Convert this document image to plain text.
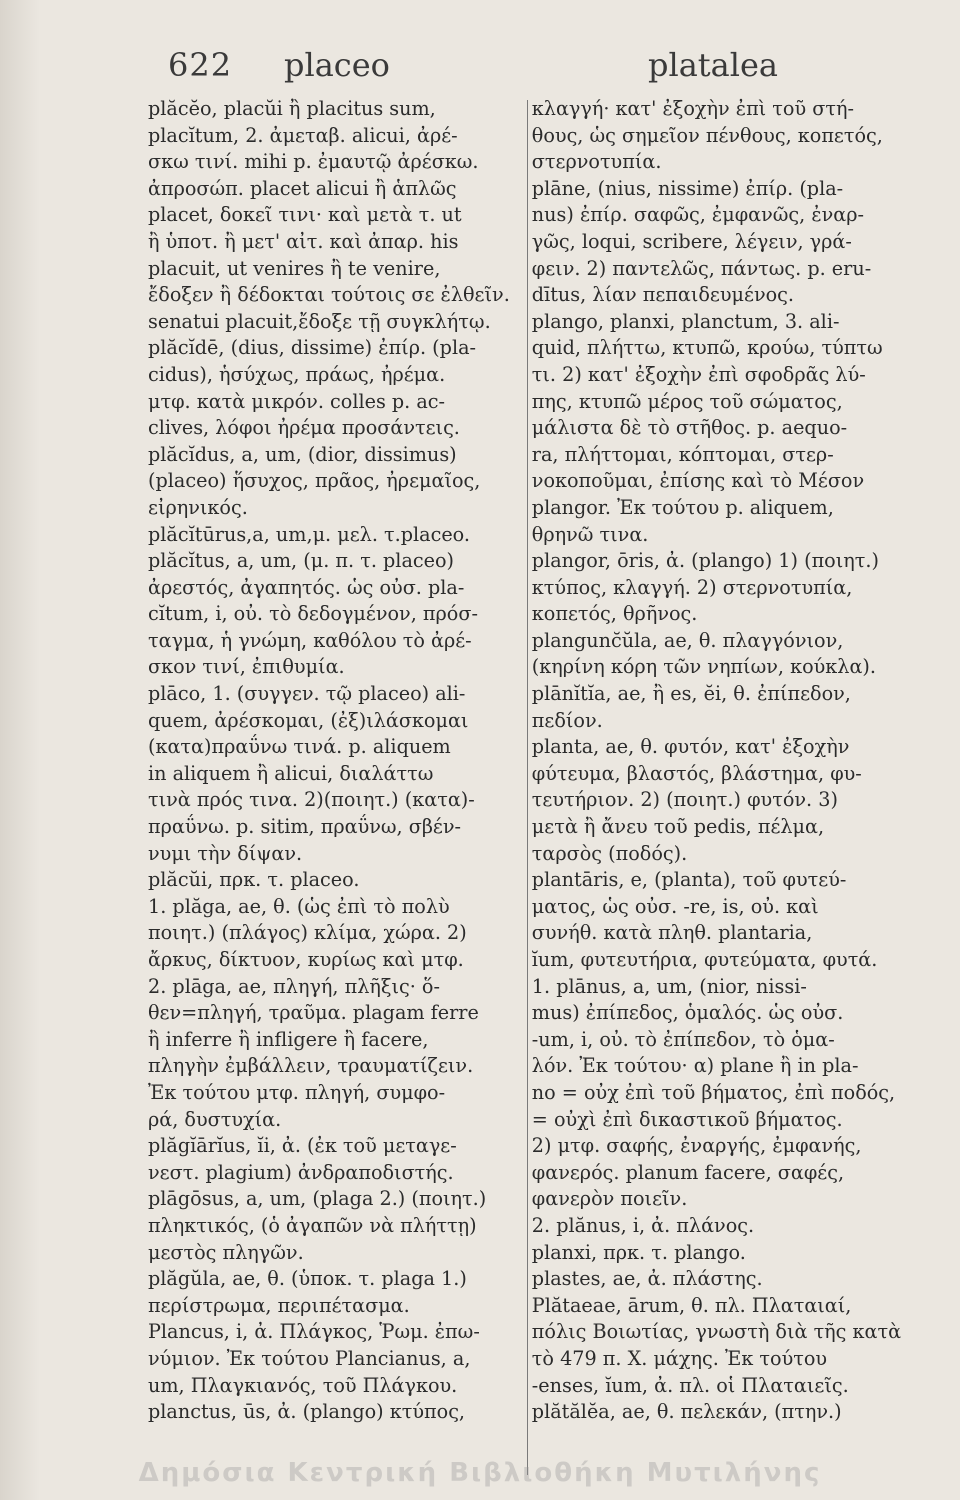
622 placeo	platalea
plăcĕo, placŭi ἢ placitus sum,
placĭtum, 2. ἀμεταβ. alicui, ἀρέ-
σκω τινί. mihi p. ἐμαυτῷ ἀρέσκω.
ἀπροσώπ. placet alicui ἢ ἁπλῶς
placet, δοκεῖ τινι· καὶ μετὰ τ. ut
ἢ ὑποτ. ἢ μετ' αἰτ. καὶ ἀπαρ. his
placuit, ut venires ἢ te venire,
ἔδοξεν ἢ δέδοκται τούτοις σε ἐλθεῖν.
senatui placuit,ἔδοξε τῇ συγκλήτῳ.
plăcĭdē, (dius, dissime) ἐπίρ. (pla-
cidus), ἡσύχως, πράως, ἠρέμα.
μτφ. κατὰ μικρόν. colles p. ac-
clives, λόφοι ἠρέμα προσάντεις.
plăcĭdus, a, um, (dior, dissimus)
(placeo) ἥσυχος, πρᾶος, ἠρεμαῖος,
εἰρηνικός.
plăcĭtūrus,a, um,μ. μελ. τ.placeo.
plăcĭtus, a, um, (μ. π. τ. placeo)
ἀρεστός, ἀγαπητός. ὡς οὐσ. pla-
cĭtum, i, οὐ. τὸ δεδογμένον, πρόσ-
ταγμα, ἡ γνώμη, καθόλου τὸ ἀρέ-
σκον τινί, ἐπιθυμία.
plāco, 1. (συγγεν. τῷ placeo) ali-
quem, ἀρέσκομαι, (ἐξ)ιλάσκομαι
(κατα)πραΰνω τινά. p. aliquem
in aliquem ἢ alicui, διαλάττω
τινὰ πρός τινα. 2)(ποιητ.) (κατα)-
πραΰνω. p. sitim, πραΰνω, σβέν-
νυμι τὴν δίψαν.
plăcŭi, πρκ. τ. placeo.
1. plăga, ae, θ. (ὡς ἐπὶ τὸ πολὺ
ποιητ.) (πλάγος) κλίμα, χώρα. 2)
ἄρκυς, δίκτυον, κυρίως καὶ μτφ.
2. plāga, ae, πληγή, πλῆξις· ὅ-
θεν=πληγή, τραῦμα. plagam ferre
ἢ inferre ἢ infligere ἢ facere,
πληγὴν ἐμβάλλειν, τραυματίζειν.
Ἐκ τούτου μτφ. πληγή, συμφο-
ρά, δυστυχία.
plăgĭārĭus, ĭi, ἀ. (ἐκ τοῦ μεταγε-
νεστ. plagium) ἀνδραποδιστής.
plāgōsus, a, um, (plaga 2.) (ποιητ.)
πληκτικός, (ὁ ἀγαπῶν νὰ πλήττῃ)
μεστὸς πληγῶν.
plăgŭla, ae, θ. (ὑποκ. τ. plaga 1.)
περίστρωμα, περιπέτασμα.
Plancus, i, ἀ. Πλάγκος, Ῥωμ. ἐπω-
νύμιον. Ἐκ τούτου Plancianus, a,
um, Πλαγκιανός, τοῦ Πλάγκου.
planctus, ūs, ἀ. (plango) κτύπος,
κλαγγή· κατ' ἐξοχὴν ἐπὶ τοῦ στή-
θους, ὡς σημεῖον πένθους, κοπετός,
στερνοτυπία.
plāne, (nius, nissime) ἐπίρ. (pla-
nus) ἐπίρ. σαφῶς, ἐμφανῶς, ἐναρ-
γῶς, loqui, scribere, λέγειν, γρά-
φειν. 2) παντελῶς, πάντως. p. eru-
dītus, λίαν πεπαιδευμένος.
plango, planxi, planctum, 3. ali-
quid, πλήττω, κτυπῶ, κρούω, τύπτω
τι. 2) κατ' ἐξοχὴν ἐπὶ σφοδρᾶς λύ-
πης, κτυπῶ μέρος τοῦ σώματος,
μάλιστα δὲ τὸ στῆθος. p. aequo-
ra, πλήττομαι, κόπτομαι, στερ-
νοκοποῦμαι, ἐπίσης καὶ τὸ Μέσον
plangor. Ἐκ τούτου p. aliquem,
θρηνῶ τινα.
plangor, ōris, ἀ. (plango) 1) (ποιητ.)
κτύπος, κλαγγή. 2) στερνοτυπία,
κοπετός, θρῆνος.
plangunc̆ŭla, ae, θ. πλαγγόνιον,
(κηρίνη κόρη τῶν νηπίων, κούκλα).
plānĭtĭa, ae, ἢ es, ĕi, θ. ἐπίπεδον,
πεδίον.
planta, ae, θ. φυτόν, κατ' ἐξοχὴν
φύτευμα, βλαστός, βλάστημα, φυ-
τευτήριον. 2) (ποιητ.) φυτόν. 3)
μετὰ ἢ ἄνευ τοῦ pedis, πέλμα,
ταρσὸς (ποδός).
plantāris, e, (planta), τοῦ φυτεύ-
ματος, ὡς οὐσ. -re, is, οὐ. καὶ
συνήθ. κατὰ πληθ. plantaria,
ĭum, φυτευτήρια, φυτεύματα, φυτά.
1. plānus, a, um, (nior, nissi-
mus) ἐπίπεδος, ὁμαλός. ὡς οὐσ.
-um, i, οὐ. τὸ ἐπίπεδον, τὸ ὁμα-
λόν. Ἐκ τούτου· α) plane ἢ in pla-
no = οὐχ ἐπὶ τοῦ βήματος, ἐπὶ ποδός,
= οὐχὶ ἐπὶ δικαστικοῦ βήματος.
2) μτφ. σαφής, ἐναργής, ἐμφανής,
φανερός. planum facere, σαφές,
φανερὸν ποιεῖν.
2. plănus, i, ἀ. πλάνος.
planxi, πρκ. τ. plango.
plastes, ae, ἀ. πλάστης.
Plătaeae, ārum, θ. πλ. Πλαταιαί,
πόλις Βοιωτίας, γνωστὴ διὰ τῆς κατὰ
τὸ 479 π. Χ. μάχης. Ἐκ τούτου
-enses, ĭum, ἀ. πλ. οἱ Πλαταιεῖς.
plătălĕa, ae, θ. πελεκάν, (πτην.)
Δημόσια Κεντρική Βιβλιοθήκη Μυτιλήνης
